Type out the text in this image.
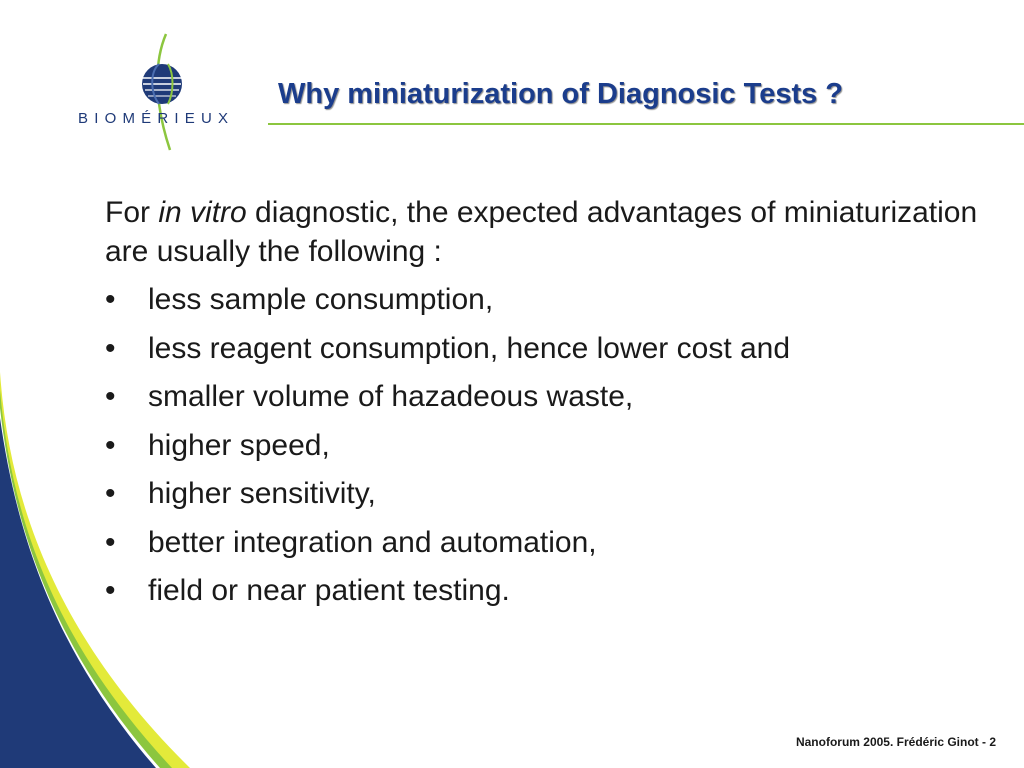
BIOMÉRIEUX
Why miniaturization of Diagnosic Tests ?

For in vitro diagnostic, the expected advantages of miniaturization are usually the following :

• less sample consumption,
• less reagent consumption, hence lower cost and
• smaller volume of hazadeous waste,
• higher speed,
• higher sensitivity,
• better integration and automation,
• field or near patient testing.
Nanoforum 2005. Frédéric Ginot - 2
